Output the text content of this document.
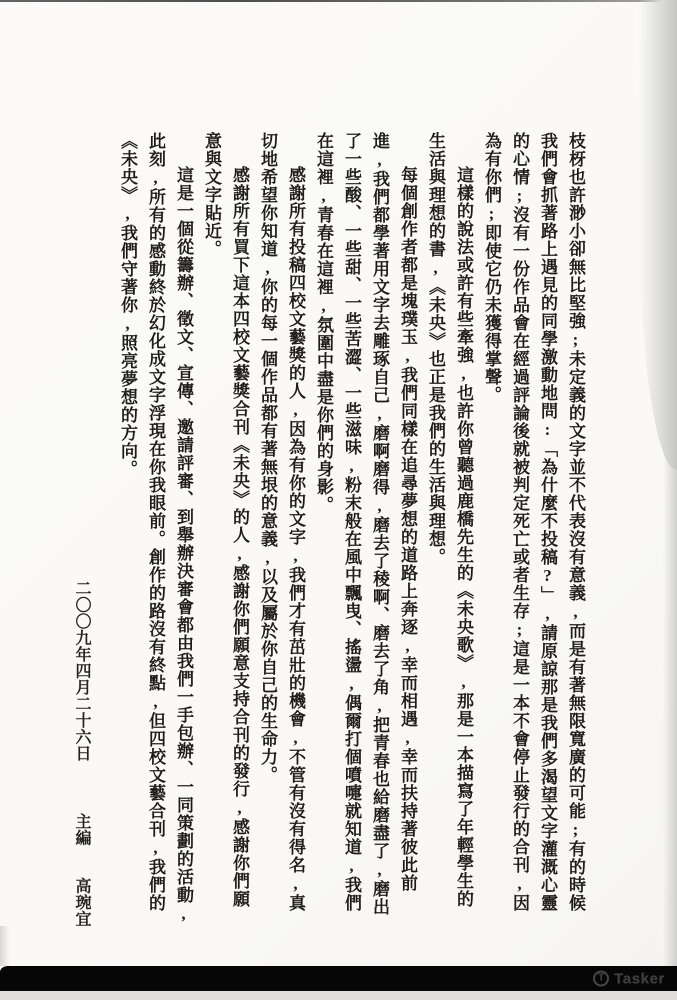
枝枒也許渺小卻無比堅強;未定義的文字並不代表沒有意義,而是有著無限寬廣的可能;有的時候我們會抓著路上遇見的同學激動地問:「為什麼不投稿?」,請原諒那是我們多渴望文字灌溉心靈的心情;沒有一份作品會在經過評論後就被判定死亡或者生存;這是一本不會停止發行的合刊,因為有你們;即使它仍未獲得掌聲。

這樣的說法或許有些牽強,也許你曾聽過鹿橋先生的《未央歌》,那是一本描寫了年輕學生的生活與理想的書,《未央》也正是我們的生活與理想。

每個創作者都是塊璞玉,我們同樣在追尋夢想的道路上奔逐,幸而相遇,幸而扶持著彼此前進,我們都學著用文字去雕琢自己,磨啊磨得,磨去了稜啊、磨去了角,把青春也給磨盡了,磨出了一些酸、一些甜、一些苦澀、一些滋味,粉末般在風中飄曳、搖盪,偶爾打個噴嚏就知道,我們在這裡,青春在這裡,氛圍中盡是你們的身影。

感謝所有投稿四校文藝獎的人,因為有你的文字,我們才有茁壯的機會,不管有沒有得名,真切地希望你知道,你的每一個作品都有著無垠的意義,以及屬於你自己的生命力。

感謝所有買下這本四校文藝獎合刊《未央》的人,感謝你們願意支持合刊的發行,感謝你們願意與文字貼近。

這是一個從籌辦、徵文、宣傳、邀請評審、到舉辦決審會都由我們一手包辦、一同策劃的活動,此刻,所有的感動終於幻化成文字浮現在你我眼前。創作的路沒有終點,但四校文藝合刊,我們的《未央》,我們守著你,照亮夢想的方向。

二〇〇九年四月二十六日 主編 高琬宜
T Tasker
